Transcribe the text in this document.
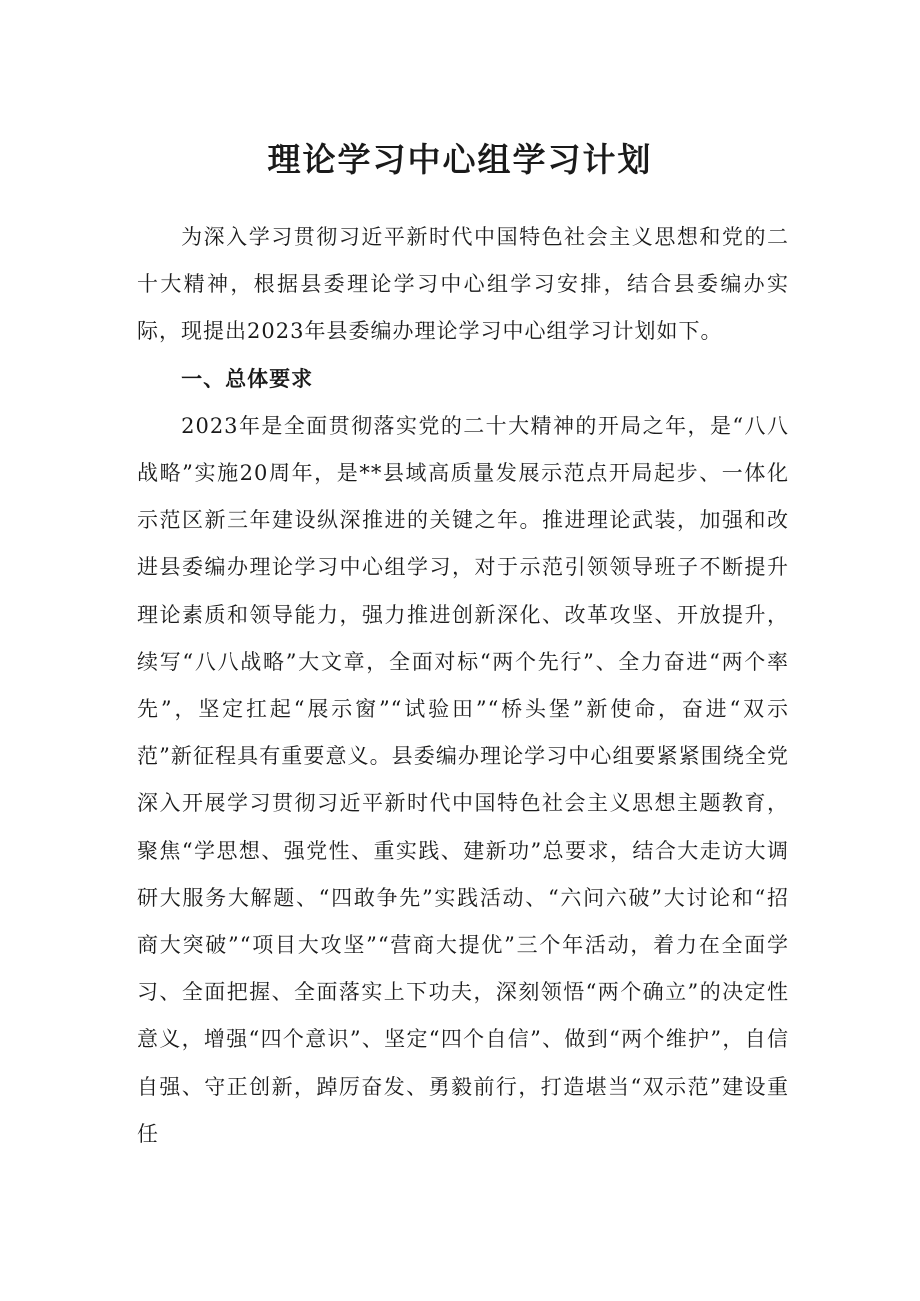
理论学习中心组学习计划

为深入学习贯彻习近平新时代中国特色社会主义思想和党的二十大精神，根据县委理论学习中心组学习安排，结合县委编办实际，现提出2023年县委编办理论学习中心组学习计划如下。

一、总体要求

2023年是全面贯彻落实党的二十大精神的开局之年，是“八八战略”实施20周年，是**县域高质量发展示范点开局起步、一体化示范区新三年建设纵深推进的关键之年。推进理论武装，加强和改进县委编办理论学习中心组学习，对于示范引领领导班子不断提升理论素质和领导能力，强力推进创新深化、改革攻坚、开放提升，续写“八八战略”大文章，全面对标“两个先行”、全力奋进“两个率先”，坚定扛起“展示窗”“试验田”“桥头堡”新使命，奋进“双示范”新征程具有重要意义。县委编办理论学习中心组要紧紧围绕全党深入开展学习贯彻习近平新时代中国特色社会主义思想主题教育，聚焦“学思想、强党性、重实践、建新功”总要求，结合大走访大调研大服务大解题、“四敢争先”实践活动、“六问六破”大讨论和“招商大突破”“项目大攻坚”“营商大提优”三个年活动，着力在全面学习、全面把握、全面落实上下功夫，深刻领悟“两个确立”的决定性意义，增强“四个意识”、坚定“四个自信”、做到“两个维护”，自信自强、守正创新，踔厉奋发、勇毅前行，打造堪当“双示范”建设重任
